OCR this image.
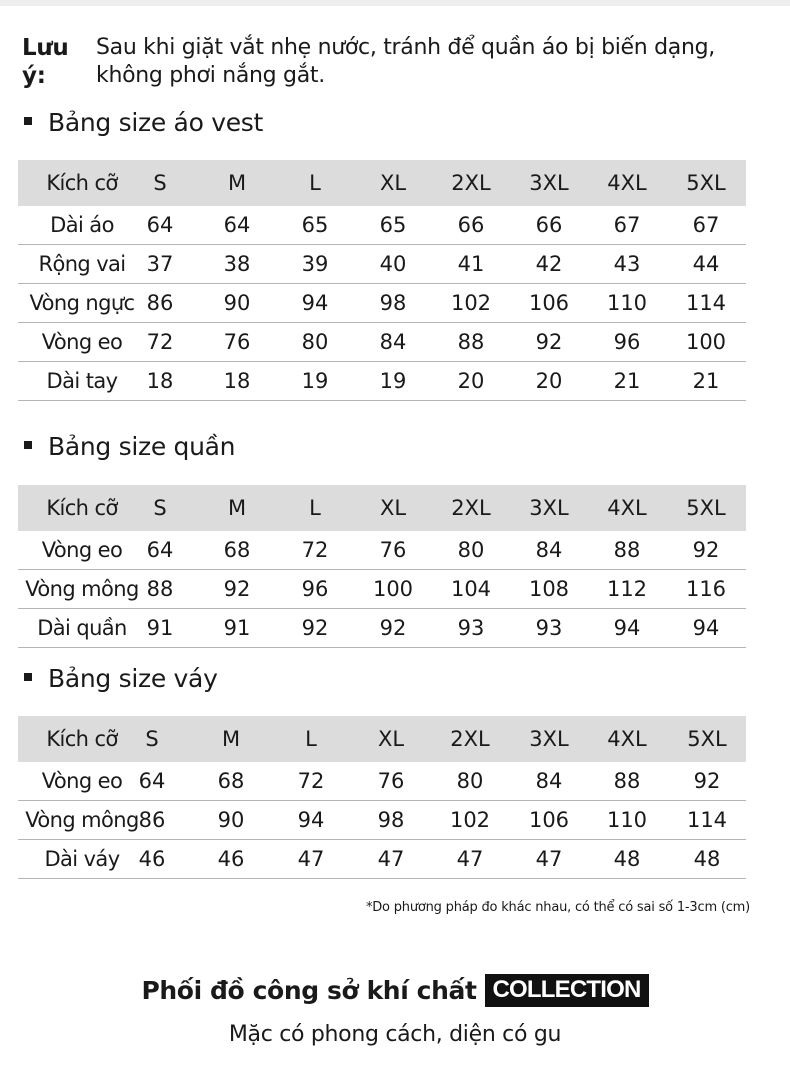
Lưu ý:
Sau khi giặt vắt nhẹ nước, tránh để quần áo bị biến dạng,
không phơi nắng gắt.
Bảng size áo vest
Kích cỡ	S	M	L	XL 2XL 3XL 4XL 5XL
Dài áo	64 64 65 65 66 66 67 67
Rộng vai	37 38 39 40 41 42 43 44
Vòng ngực 86 90 94 98 102 106 110 114
Vòng eo	72 76 80 84 88 92 96 100
Dài tay	18 18 19 19 20 20 21 21
Bảng size quần
Kích cỡ	S	M	L	XL 2XL 3XL 4XL 5XL
Vòng eo	64 68 72 76 80 84 88 92
Vòng mông 88 92 96 100 104 108 112 116
Dài quần 91 91 92 92 93 93 94 94
Bảng size váy
Kích cỡ	S	M	L	XL 2XL 3XL 4XL 5XL
Vòng eo 64 68	72	76 80 84 88	92
Vòng mông 86 90	94	98 102 106 110 114
Dài váy 46 46	47	47 47 47 48	48
*Do phương pháp đo khác nhau, có thể có sai số 1-3cm (cm)
Phối đồ công sở khí chất COLLECTION
Mặc có phong cách, diện có gu
